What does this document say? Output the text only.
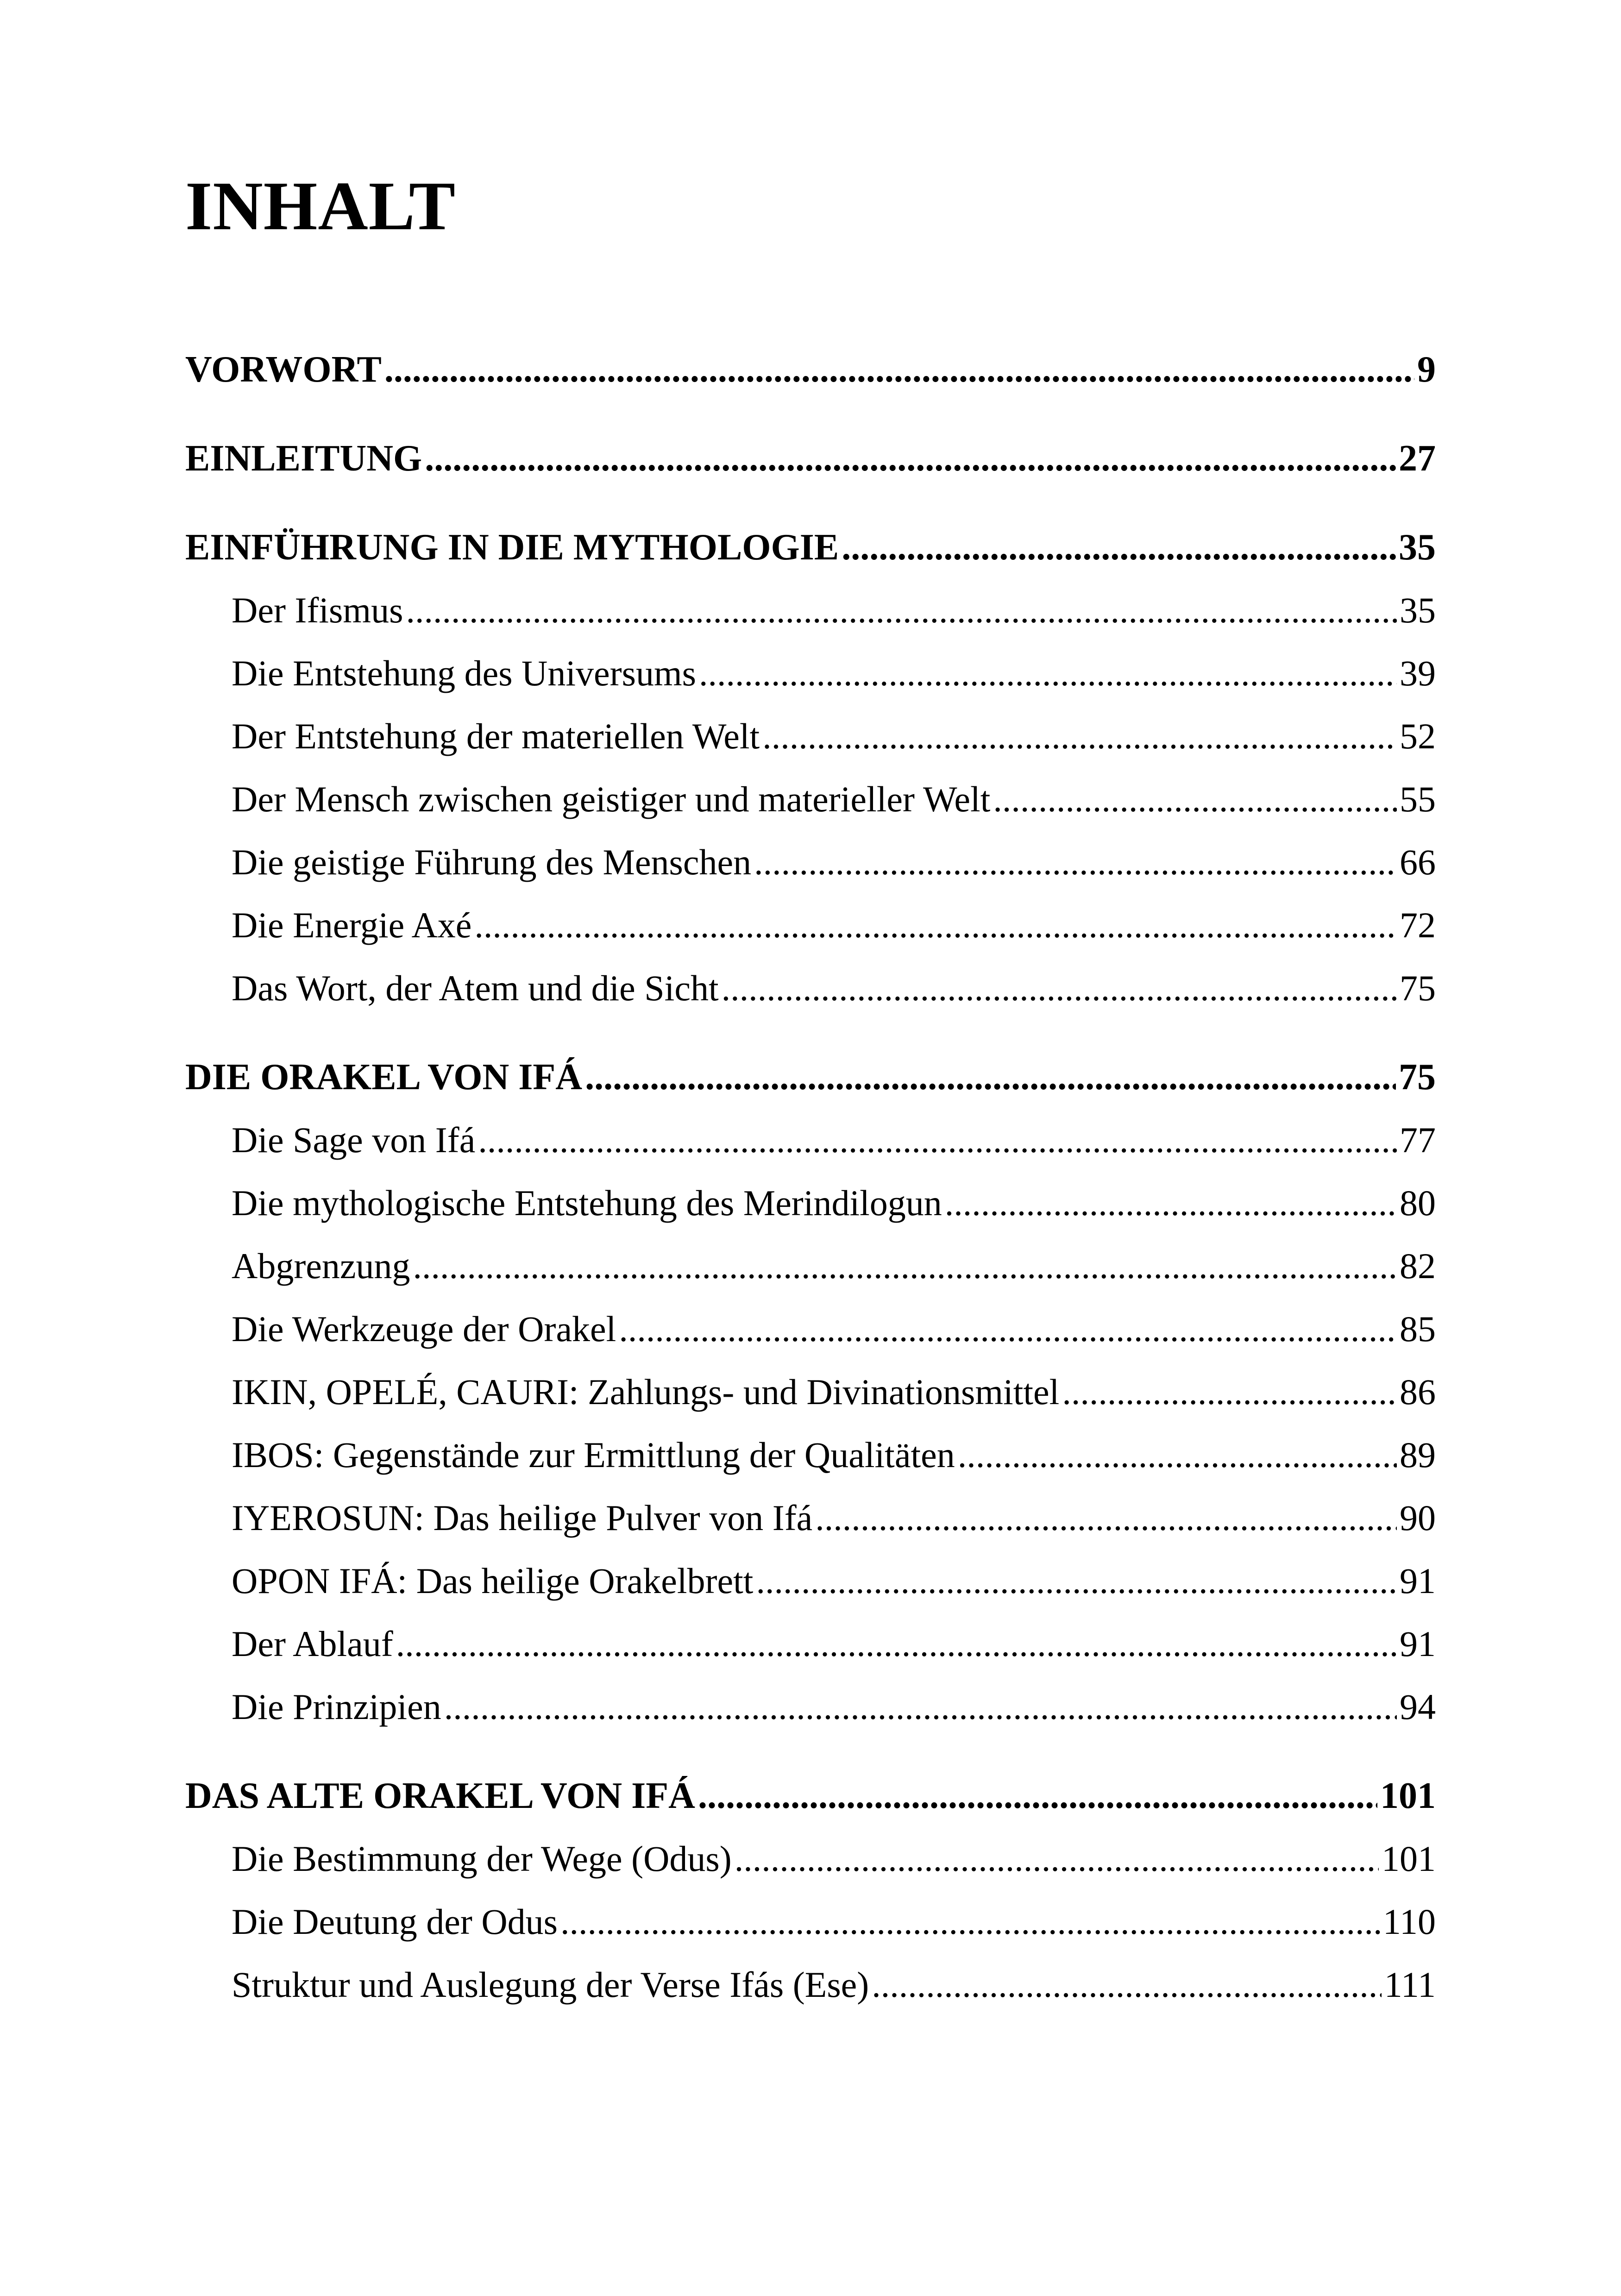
INHALT
VORWORT .....	9
EINLEITUNG .....	27
EINFÜHRUNG IN DIE MYTHOLOGIE .....	35
Der Ifismus .....	35
Die Entstehung des Universums .....	39
Der Entstehung der materiellen Welt .....	52
Der Mensch zwischen geistiger und materieller Welt .....	55
Die geistige Führung des Menschen .....	66
Die Energie Axé .....	72
Das Wort, der Atem und die Sicht .....	75
DIE ORAKEL VON IFÁ .....	75
Die Sage von Ifá .....	77
Die mythologische Entstehung des Merindilogun .....	80
Abgrenzung .....	82
Die Werkzeuge der Orakel .....	85
IKIN, OPELÉ, CAURI: Zahlungs- und Divinationsmittel .....	86
IBOS: Gegenstände zur Ermittlung der Qualitäten .....	89
IYEROSUN: Das heilige Pulver von Ifá .....	90
OPON IFÁ: Das heilige Orakelbrett .....	91
Der Ablauf .....	91
Die Prinzipien .....	94
DAS ALTE ORAKEL VON IFÁ .....	101
Die Bestimmung der Wege (Odus) .....	101
Die Deutung der Odus .....	110
Struktur und Auslegung der Verse Ifás (Ese) .....	111
